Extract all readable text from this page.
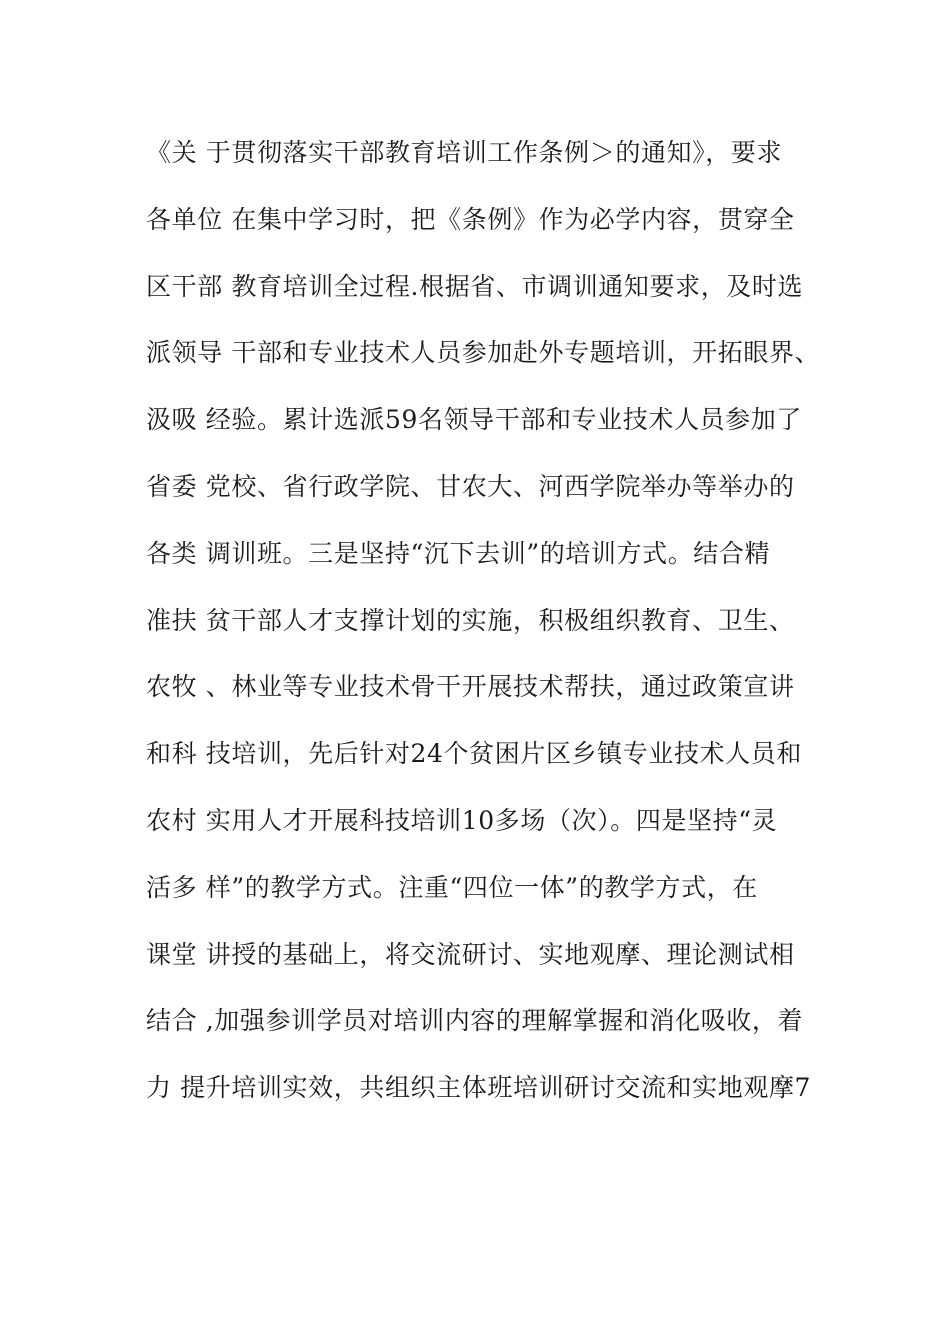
《关 于贯彻落实干部教育培训工作条例＞的通知》，要求
各单位 在集中学习时，把《条例》作为必学内容，贯穿全
区干部 教育培训全过程.根据省、市调训通知要求，及时选
派领导 干部和专业技术人员参加赴外专题培训，开拓眼界、
汲吸 经验。累计选派59名领导干部和专业技术人员参加了
省委 党校、省行政学院、甘农大、河西学院举办等举办的
各类 调训班。三是坚持“沉下去训”的培训方式。结合精
准扶 贫干部人才支撑计划的实施，积极组织教育、卫生、
农牧 、林业等专业技术骨干开展技术帮扶，通过政策宣讲
和科 技培训，先后针对24个贫困片区乡镇专业技术人员和
农村 实用人才开展科技培训10多场（次）。四是坚持“灵
活多 样”的教学方式。注重“四位一体”的教学方式，在
课堂 讲授的基础上，将交流研讨、实地观摩、理论测试相
结合 ,加强参训学员对培训内容的理解掌握和消化吸收，着
力 提升培训实效，共组织主体班培训研讨交流和实地观摩7
